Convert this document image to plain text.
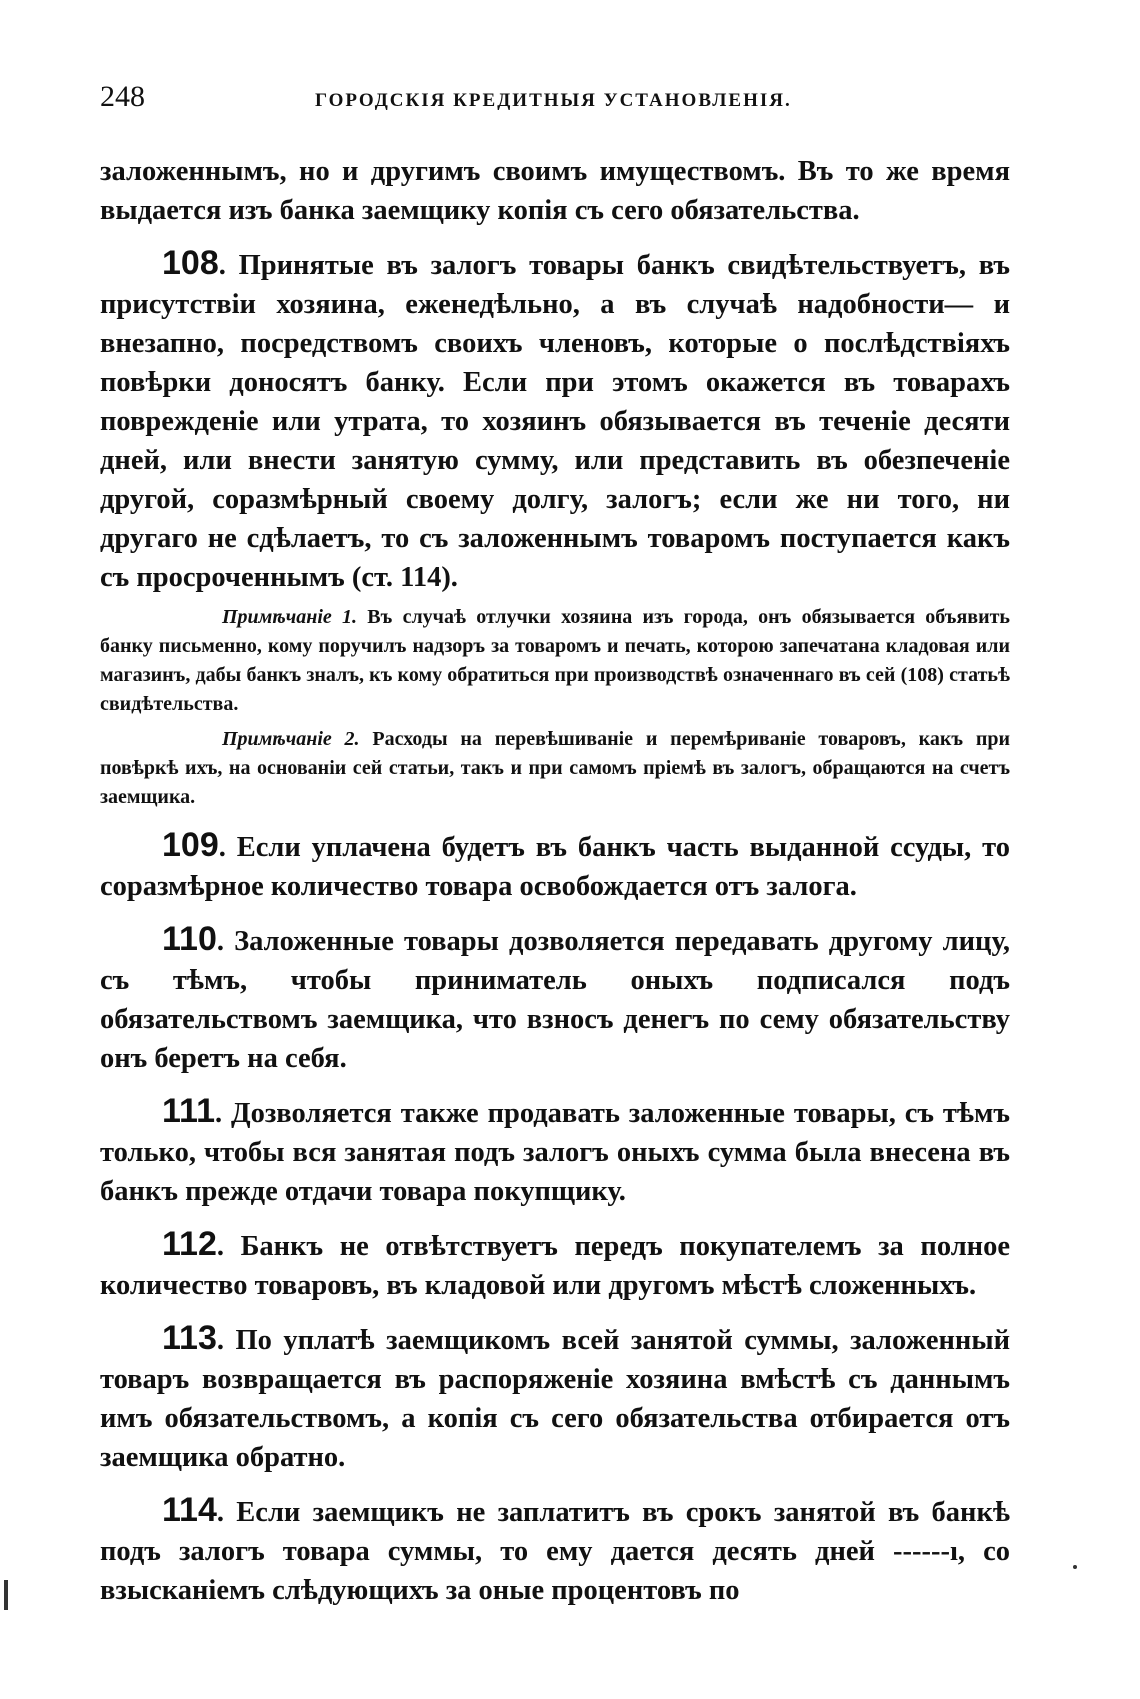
248	ГОРОДСКІЯ КРЕДИТНЫЯ УСТАНОВЛЕНІЯ.

заложеннымъ, но и другимъ своимъ имуществомъ. Въ то же время выдается изъ банка заемщику копія съ сего обязательства.

108. Принятые въ залогъ товары банкъ свидѣтельствуетъ, въ присутствіи хозяина, еженедѣльно, а въ случаѣ надобности— и внезапно, посредствомъ своихъ членовъ, которые о послѣдствіяхъ повѣрки доносятъ банку. Если при этомъ окажется въ товарахъ поврежденіе или утрата, то хозяинъ обязывается въ теченіе десяти дней, или внести занятую сумму, или представить въ обезпеченіе другой, соразмѣрный своему долгу, залогъ; если же ни того, ни другаго не сдѣлаетъ, то съ заложеннымъ товаромъ поступается какъ съ просроченнымъ (ст. 114).

Примѣчаніе 1. Въ случаѣ отлучки хозяина изъ города, онъ обязывается объявить банку письменно, кому поручилъ надзоръ за товаромъ и печать, которою запечатана кладовая или магазинъ, дабы банкъ зналъ, къ кому обратиться при производствѣ означеннаго въ сей (108) статьѣ свидѣтельства.

Примѣчаніе 2. Расходы на перевѣшиваніе и перемѣриваніе товаровъ, какъ при повѣркѣ ихъ, на основаніи сей статьи, такъ и при самомъ пріемѣ въ залогъ, обращаются на счетъ заемщика.

109. Если уплачена будетъ въ банкъ часть выданной ссуды, то соразмѣрное количество товара освобождается отъ залога.

110. Заложенные товары дозволяется передавать другому лицу, съ тѣмъ, чтобы приниматель оныхъ подписался подъ обязательствомъ заемщика, что взносъ денегъ по сему обязательству онъ беретъ на себя.

111. Дозволяется также продавать заложенные товары, съ тѣмъ только, чтобы вся занятая подъ залогъ оныхъ сумма была внесена въ банкъ прежде отдачи товара покупщику.

112. Банкъ не отвѣтствуетъ передъ покупателемъ за полное количество товаровъ, въ кладовой или другомъ мѣстѣ сложенныхъ.

113. По уплатѣ заемщикомъ всей занятой суммы, заложенный товаръ возвращается въ распоряженіе хозяина вмѣстѣ съ даннымъ имъ обязательствомъ, а копія съ сего обязательства отбирается отъ заемщика обратно.

114. Если заемщикъ не заплатитъ въ срокъ занятой въ банкѣ подъ залогъ товара суммы, то ему дается десять дней ------ı, со взысканіемъ слѣдующихъ за оные процентовъ по
